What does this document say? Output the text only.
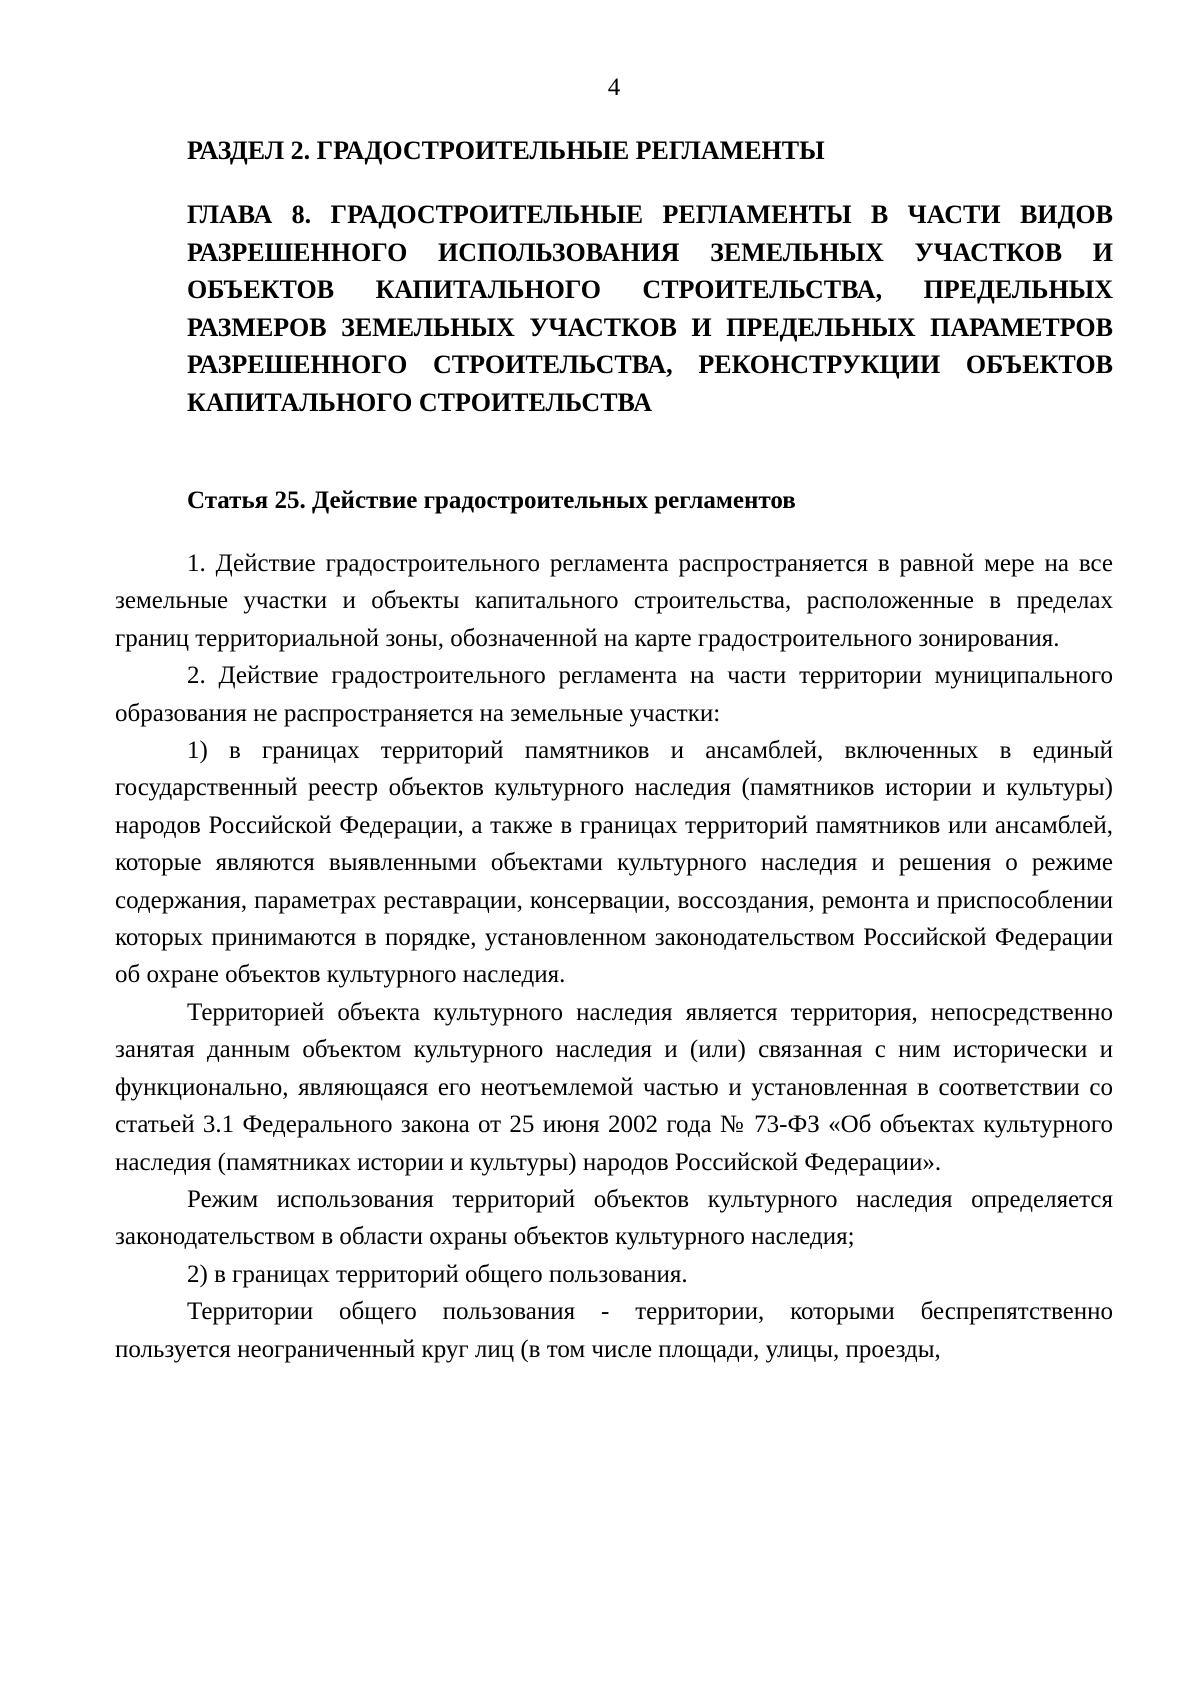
4
РАЗДЕЛ 2. ГРАДОСТРОИТЕЛЬНЫЕ РЕГЛАМЕНТЫ
ГЛАВА 8. ГРАДОСТРОИТЕЛЬНЫЕ РЕГЛАМЕНТЫ В ЧАСТИ ВИДОВ РАЗРЕШЕННОГО ИСПОЛЬЗОВАНИЯ ЗЕМЕЛЬНЫХ УЧАСТКОВ И ОБЪЕКТОВ КАПИТАЛЬНОГО СТРОИТЕЛЬСТВА, ПРЕДЕЛЬНЫХ РАЗМЕРОВ ЗЕМЕЛЬНЫХ УЧАСТКОВ И ПРЕДЕЛЬНЫХ ПАРАМЕТРОВ РАЗРЕШЕННОГО СТРОИТЕЛЬСТВА, РЕКОНСТРУКЦИИ ОБЪЕКТОВ КАПИТАЛЬНОГО СТРОИТЕЛЬСТВА
Статья 25. Действие градостроительных регламентов

1. Действие градостроительного регламента распространяется в равной мере на все земельные участки и объекты капитального строительства, расположенные в пределах границ территориальной зоны, обозначенной на карте градостроительного зонирования.

2. Действие градостроительного регламента на части территории муниципального образования не распространяется на земельные участки:

1) в границах территорий памятников и ансамблей, включенных в единый государственный реестр объектов культурного наследия (памятников истории и культуры) народов Российской Федерации, а также в границах территорий памятников или ансамблей, которые являются выявленными объектами культурного наследия и решения о режиме содержания, параметрах реставрации, консервации, воссоздания, ремонта и приспособлении которых принимаются в порядке, установленном законодательством Российской Федерации об охране объектов культурного наследия.

Территорией объекта культурного наследия является территория, непосредственно занятая данным объектом культурного наследия и (или) связанная с ним исторически и функционально, являющаяся его неотъемлемой частью и установленная в соответствии со статьей 3.1 Федерального закона от 25 июня 2002 года № 73-ФЗ «Об объектах культурного наследия (памятниках истории и культуры) народов Российской Федерации».

Режим использования территорий объектов культурного наследия определяется законодательством в области охраны объектов культурного наследия;

2) в границах территорий общего пользования.

Территории общего пользования - территории, которыми беспрепятственно пользуется неограниченный круг лиц (в том числе площади, улицы, проезды,
